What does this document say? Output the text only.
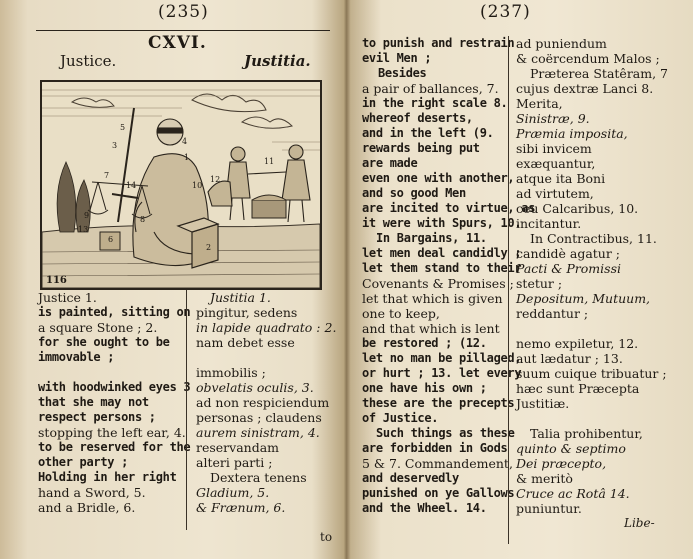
(235)
CXVI.
Justice.	Justitia.
1
2
3	4
5
6
7
8
9
10
11
12
13
14
116
Justice 1.
is painted, sitting on
a square Stone ; 2.
for she ought to be
immovable ;
with hoodwinked eyes 3
that she may not
respect persons ;
stopping the left ear, 4.
to be reserved for the
other party ;
Holding in her right
hand a Sword, 5.
and a Bridle, 6.
Justitia 1.
pingitur, sedens
in lapide quadrato : 2.
nam debet esse
immobilis ;
obvelatis oculis, 3.
ad non respiciendum
personas ; claudens
aurem sinistram, 4.
reservandam
alteri parti ;
Dextera tenens
Gladium, 5.
& Frænum, 6.
to
(237)
to punish and restrain
evil Men ;
Besides
a pair of ballances, 7.
in the right scale 8.
whereof deserts,
and in the left (9.
rewards being put
are made
even one with another,
and so good Men
are incited to virtue, as
it were with Spurs, 10.
In Bargains, 11.
let men deal candidly ;
let them stand to their
Covenants & Promises ;
let that which is given
one to keep,
and that which is lent
be restored ; (12.
let no man be pillaged,
or hurt ; 13. let every
one have his own ;
these are the precepts
of Justice.
Such things as these
are forbidden in Gods
5 & 7. Commandement,
and deservedly
punished on ye Gallows
and the Wheel. 14.
ad puniendum
& coërcendum Malos ;
Præterea Statêram, 7
cujus dextræ Lanci 8.
Merita,
Sinistræ, 9.
Præmia imposita,
sibi invicem
exæquantur,
atque ita Boni
ad virtutem,
ceu Calcaribus, 10.
incitantur.
In Contractibus, 11.
candidè agatur ;
Pacti & Promissi
stetur ;
Depositum, Mutuum,
reddantur ;
nemo expiletur, 12.
aut lædatur ; 13.
suum cuique tribuatur ;
hæc sunt Præcepta
Justitiæ.
Talia prohibentur,
quinto & septimo
Dei præcepto,
& meritò
Cruce ac Rotâ 14.
puniuntur.
Libe-
